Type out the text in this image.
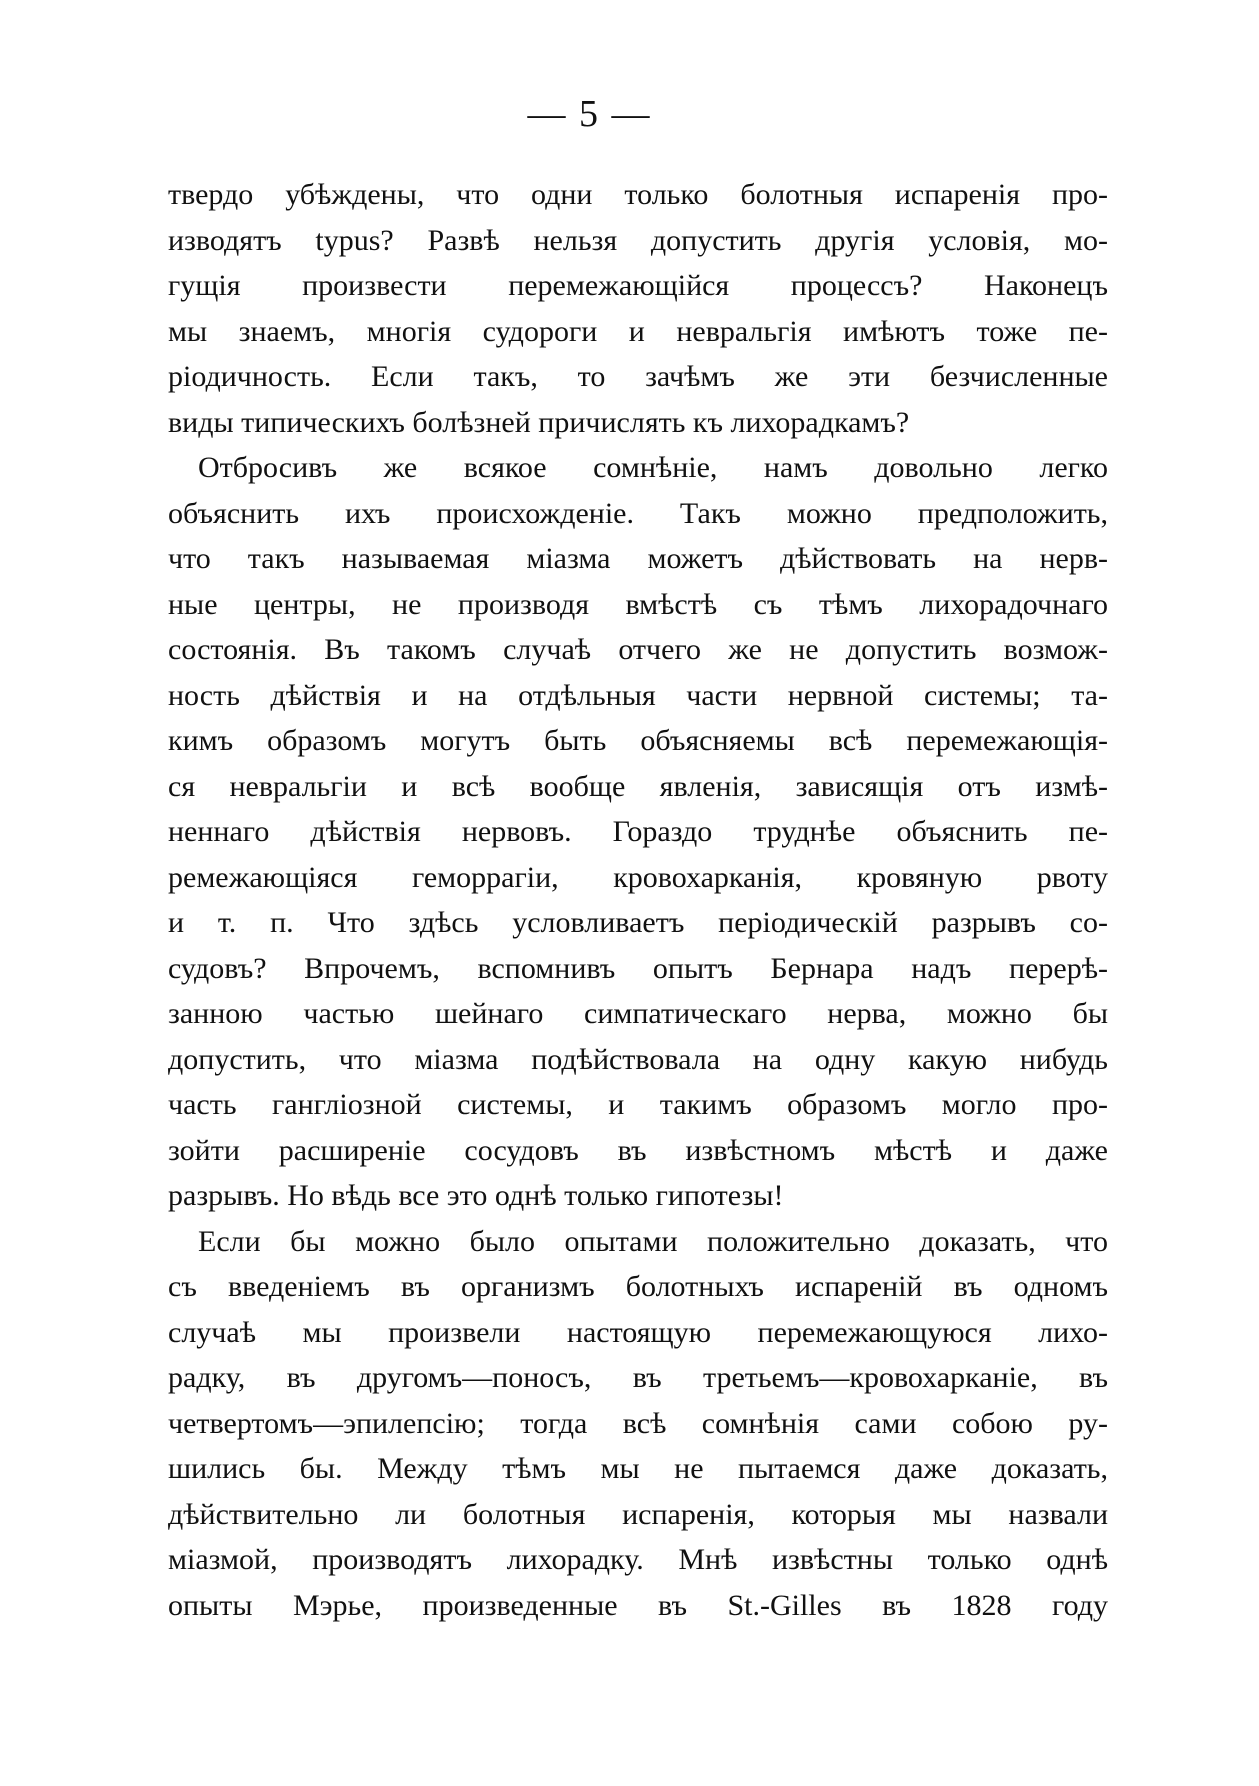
— 5 —
твердо убѣждены, что одни только болотныя испаренія про-
изводятъ typus? Развѣ нельзя допустить другія условія, мо-
гущія произвести перемежающійся процессъ? Наконецъ
мы знаемъ, многія судороги и невральгія имѣютъ тоже пе-
ріодичность. Если такъ, то зачѣмъ же эти безчисленные
виды типическихъ болѣзней причислять къ лихорадкамъ?
Отбросивъ же всякое сомнѣніе, намъ довольно легко
объяснить ихъ происхожденіе. Такъ можно предположить,
что такъ называемая міазма можетъ дѣйствовать на нерв-
ные центры, не производя вмѣстѣ съ тѣмъ лихорадочнаго
состоянія. Въ такомъ случаѣ отчего же не допустить возмож-
ность дѣйствія и на отдѣльныя части нервной системы; та-
кимъ образомъ могутъ быть объясняемы всѣ перемежающія-
ся невральгіи и всѣ вообще явленія, зависящія отъ измѣ-
неннаго дѣйствія нервовъ. Гораздо труднѣе объяснить пе-
ремежающіяся геморрагіи, кровохарканія, кровяную рвоту
и т. п. Что здѣсь условливаетъ періодическій разрывъ со-
судовъ? Впрочемъ, вспомнивъ опытъ Бернара надъ перерѣ-
занною частью шейнаго симпатическаго нерва, можно бы
допустить, что міазма подѣйствовала на одну какую нибудь
часть ганглiозной системы, и такимъ образомъ могло про-
зойти расширеніе сосудовъ въ извѣстномъ мѣстѣ и даже
разрывъ. Но вѣдь все это однѣ только гипотезы!
Если бы можно было опытами положительно доказать, что
съ введеніемъ въ организмъ болотныхъ испареній въ одномъ
случаѣ мы произвели настоящую перемежающуюся лихо-
радку, въ другомъ—поносъ, въ третьемъ—кровохарканіе, въ
четвертомъ—эпилепсію; тогда всѣ сомнѣнія сами собою ру-
шились бы. Между тѣмъ мы не пытаемся даже доказать,
дѣйствительно ли болотныя испаренія, которыя мы назвали
міазмой, производятъ лихорадку. Мнѣ извѣстны только однѣ
опыты Мэрье, произведенные въ St.-Gilles въ 1828 году
